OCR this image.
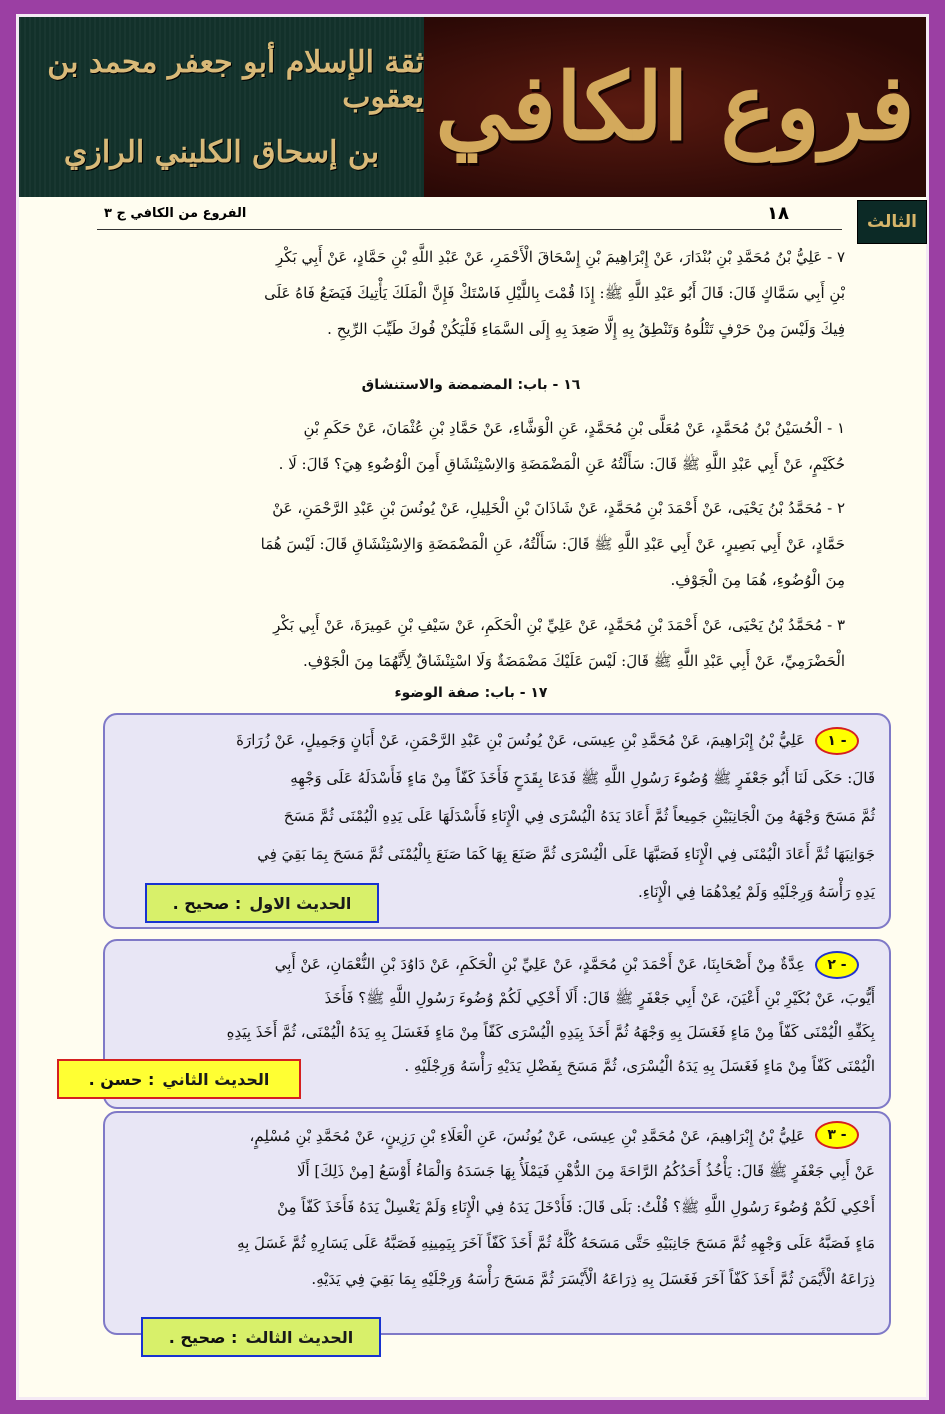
ثقة الإسلام أبو جعفر محمد بن يعقوب
بن إسحاق الكليني الرازي فروع الكافي
الثالث
١٨
الفروع من الكافي ج ٣
٧ - عَلِيُّ بْنُ مُحَمَّدِ بْنِ بُنْدَارَ، عَنْ إِبْرَاهِيمَ بْنِ إِسْحَاقَ الْأَحْمَرِ، عَنْ عَبْدِ اللَّهِ بْنِ حَمَّادٍ، عَنْ أَبِي بَكْرِ
بْنِ أَبِي سَمَّاكٍ قَالَ: قَالَ أَبُو عَبْدِ اللَّهِ ﷺ: إِذَا قُمْتَ بِاللَّيْلِ فَاسْتَكْ فَإِنَّ الْمَلَكَ يَأْتِيكَ فَيَضَعُ فَاهُ عَلَى
فِيكَ وَلَيْسَ مِنْ حَرْفٍ تَتْلُوهُ وَتَنْطِقُ بِهِ إِلَّا صَعِدَ بِهِ إِلَى السَّمَاءِ فَلْيَكُنْ فُوكَ طَيِّبَ الرِّيحِ .
١٦ - باب: المضمضة والاستنشاق
١ - الْحُسَيْنُ بْنُ مُحَمَّدٍ، عَنْ مُعَلَّى بْنِ مُحَمَّدٍ، عَنِ الْوَشَّاءِ، عَنْ حَمَّادِ بْنِ عُثْمَانَ، عَنْ حَكَمِ بْنِ
حُكَيْمٍ، عَنْ أَبِي عَبْدِ اللَّهِ ﷺ قَالَ: سَأَلْتُهُ عَنِ الْمَضْمَضَةِ وَالاِسْتِنْشَاقِ أَمِنَ الْوُضُوءِ هِيَ؟ قَالَ: لَا .
٢ - مُحَمَّدُ بْنُ يَحْيَى، عَنْ أَحْمَدَ بْنِ مُحَمَّدٍ، عَنْ شَاذَانَ بْنِ الْخَلِيلِ، عَنْ يُونُسَ بْنِ عَبْدِ الرَّحْمَنِ، عَنْ
حَمَّادٍ، عَنْ أَبِي بَصِيرٍ، عَنْ أَبِي عَبْدِ اللَّهِ ﷺ قَالَ: سَأَلْتُهُ، عَنِ الْمَضْمَضَةِ وَالاِسْتِنْشَاقِ قَالَ: لَيْسَ هُمَا
مِنَ الْوُضُوءِ، هُمَا مِنَ الْجَوْفِ.
٣ - مُحَمَّدُ بْنُ يَحْيَى، عَنْ أَحْمَدَ بْنِ مُحَمَّدٍ، عَنْ عَلِيِّ بْنِ الْحَكَمِ، عَنْ سَيْفِ بْنِ عَمِيرَةَ، عَنْ أَبِي بَكْرِ
الْحَضْرَمِيِّ، عَنْ أَبِي عَبْدِ اللَّهِ ﷺ قَالَ: لَيْسَ عَلَيْكَ مَضْمَضَةٌ وَلَا اسْتِنْشَاقٌ لِأَنَّهُمَا مِنَ الْجَوْفِ.
١٧ - باب: صفة الوضوء
١ -
عَلِيُّ بْنُ إِبْرَاهِيمَ، عَنْ مُحَمَّدِ بْنِ عِيسَى، عَنْ يُونُسَ بْنِ عَبْدِ الرَّحْمَنِ، عَنْ أَبَانٍ وَجَمِيلٍ، عَنْ زُرَارَةَ
قَالَ: حَكَى لَنَا أَبُو جَعْفَرٍ ﷺ وُضُوءَ رَسُولِ اللَّهِ ﷺ فَدَعَا بِقَدَحٍ فَأَخَذَ كَفّاً مِنْ مَاءٍ فَأَسْدَلَهُ عَلَى وَجْهِهِ
ثُمَّ مَسَحَ وَجْهَهُ مِنَ الْجَانِبَيْنِ جَمِيعاً ثُمَّ أَعَادَ يَدَهُ الْيُسْرَى فِي الْإِنَاءِ فَأَسْدَلَهَا عَلَى يَدِهِ الْيُمْنَى ثُمَّ مَسَحَ
جَوَانِبَهَا ثُمَّ أَعَادَ الْيُمْنَى فِي الْإِنَاءِ فَصَبَّهَا عَلَى الْيُسْرَى ثُمَّ صَنَعَ بِهَا كَمَا صَنَعَ بِالْيُمْنَى ثُمَّ مَسَحَ بِمَا بَقِيَ فِي
يَدِهِ رَأْسَهُ وَرِجْلَيْهِ وَلَمْ يُعِدْهُمَا فِي الْإِنَاءِ.
الحديث الاول
: صحيح .
٢ -
عِدَّةٌ مِنْ أَصْحَابِنَا، عَنْ أَحْمَدَ بْنِ مُحَمَّدٍ، عَنْ عَلِيِّ بْنِ الْحَكَمِ، عَنْ دَاوُدَ بْنِ النُّعْمَانِ، عَنْ أَبِي
أَيُّوبَ، عَنْ بُكَيْرِ بْنِ أَعْيَنَ، عَنْ أَبِي جَعْفَرٍ ﷺ قَالَ: أَلَا أَحْكِي لَكُمْ وُضُوءَ رَسُولِ اللَّهِ ﷺ؟ فَأَخَذَ
بِكَفِّهِ الْيُمْنَى كَفّاً مِنْ مَاءٍ فَغَسَلَ بِهِ وَجْهَهُ ثُمَّ أَخَذَ بِيَدِهِ الْيُسْرَى كَفّاً مِنْ مَاءٍ فَغَسَلَ بِهِ يَدَهُ الْيُمْنَى، ثُمَّ أَخَذَ بِيَدِهِ
الْيُمْنَى كَفّاً مِنْ مَاءٍ فَغَسَلَ بِهِ يَدَهُ الْيُسْرَى، ثُمَّ مَسَحَ بِفَضْلِ يَدَيْهِ رَأْسَهُ وَرِجْلَيْهِ .
الحديث الثاني
: حسن .
٣ -
عَلِيُّ بْنُ إِبْرَاهِيمَ، عَنْ مُحَمَّدِ بْنِ عِيسَى، عَنْ يُونُسَ، عَنِ الْعَلَاءِ بْنِ رَزِينٍ، عَنْ مُحَمَّدِ بْنِ مُسْلِمٍ،
عَنْ أَبِي جَعْفَرٍ ﷺ قَالَ: يَأْخُذُ أَحَدُكُمُ الرَّاحَةَ مِنَ الدُّهْنِ فَيَمْلَأُ بِهَا جَسَدَهُ وَالْمَاءُ أَوْسَعُ [مِنْ ذَلِكَ] أَلَا
أَحْكِي لَكُمْ وُضُوءَ رَسُولِ اللَّهِ ﷺ؟ قُلْتُ: بَلَى قَالَ: فَأَدْخَلَ يَدَهُ فِي الْإِنَاءِ وَلَمْ يَغْسِلْ يَدَهُ فَأَخَذَ كَفّاً مِنْ
مَاءٍ فَصَبَّهُ عَلَى وَجْهِهِ ثُمَّ مَسَحَ جَانِبَيْهِ حَتَّى مَسَحَهُ كُلَّهُ ثُمَّ أَخَذَ كَفّاً آخَرَ بِيَمِينِهِ فَصَبَّهُ عَلَى يَسَارِهِ ثُمَّ غَسَلَ بِهِ
ذِرَاعَهُ الْأَيْمَنَ ثُمَّ أَخَذَ كَفّاً آخَرَ فَغَسَلَ بِهِ ذِرَاعَهُ الْأَيْسَرَ ثُمَّ مَسَحَ رَأْسَهُ وَرِجْلَيْهِ بِمَا بَقِيَ فِي يَدَيْهِ.
الحديث الثالث
: صحيح .
